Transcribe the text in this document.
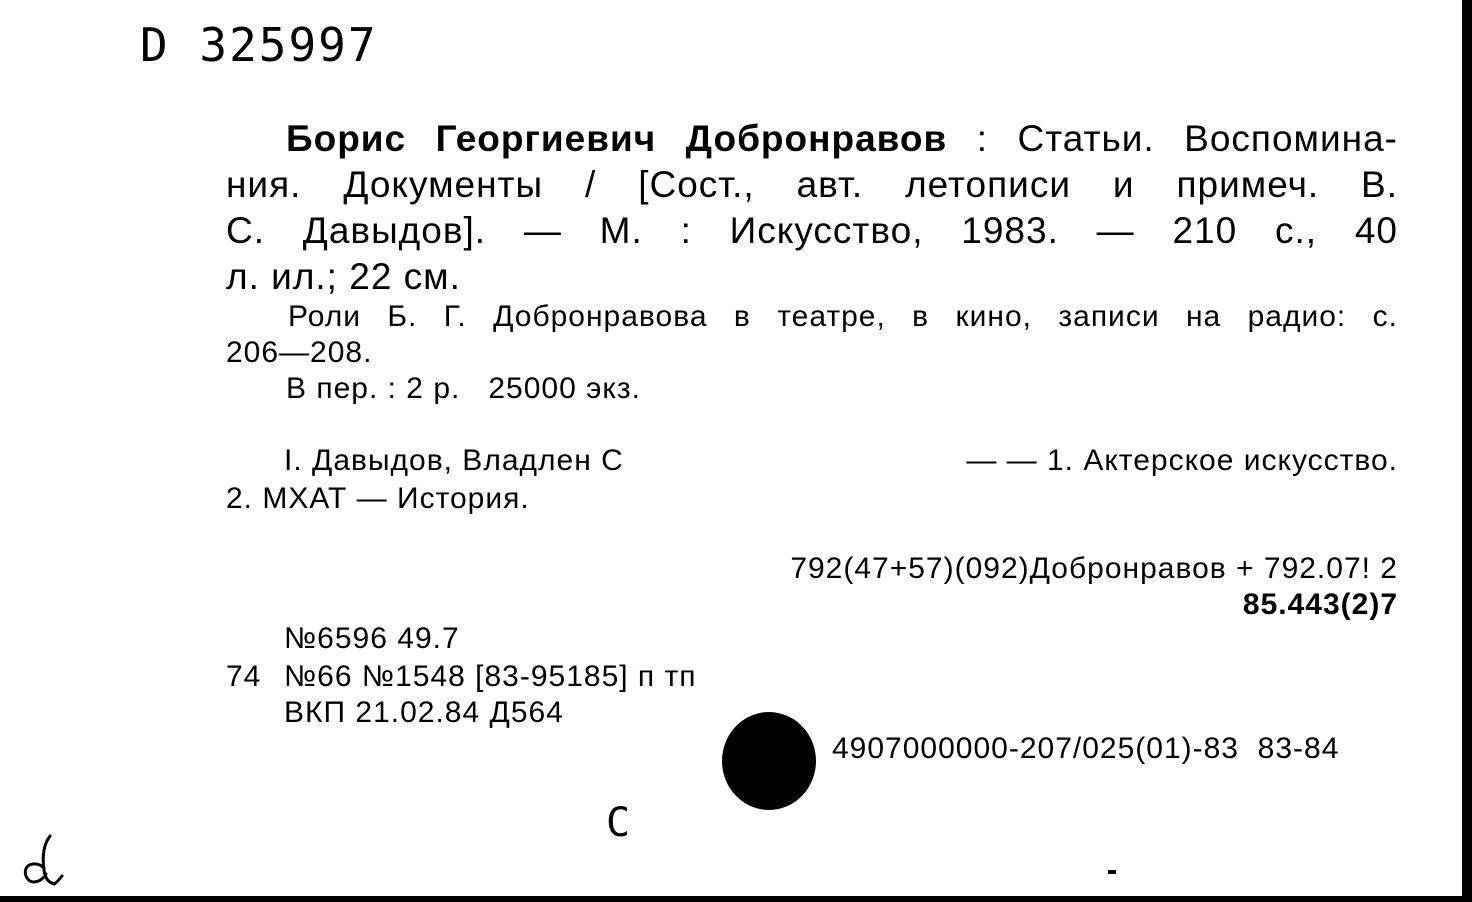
D 325997
Борис Георгиевич Добронравов : Статьи. Воспомина-
ния. Документы / [Сост., авт. летописи и примеч. В.
С. Давыдов]. — М. : Искусство, 1983. — 210 с., 40
л. ил.; 22 см.
Роли Б. Г. Добронравова в театре, в кино, записи на радио: с.
206—208.
В пер. : 2 р.   25000 экз.
I. Давыдов, Владлен С	— — 1. Актерское искусство.
2. МХАТ — История.
792(47+57)(092)Добронравов + 792.07! 2
85.443(2)7
№6596 49.7
74 №66 №1548 [83-95185] п тп
ВКП 21.02.84 Д564
4907000000-207/025(01)-83  83-84
С
